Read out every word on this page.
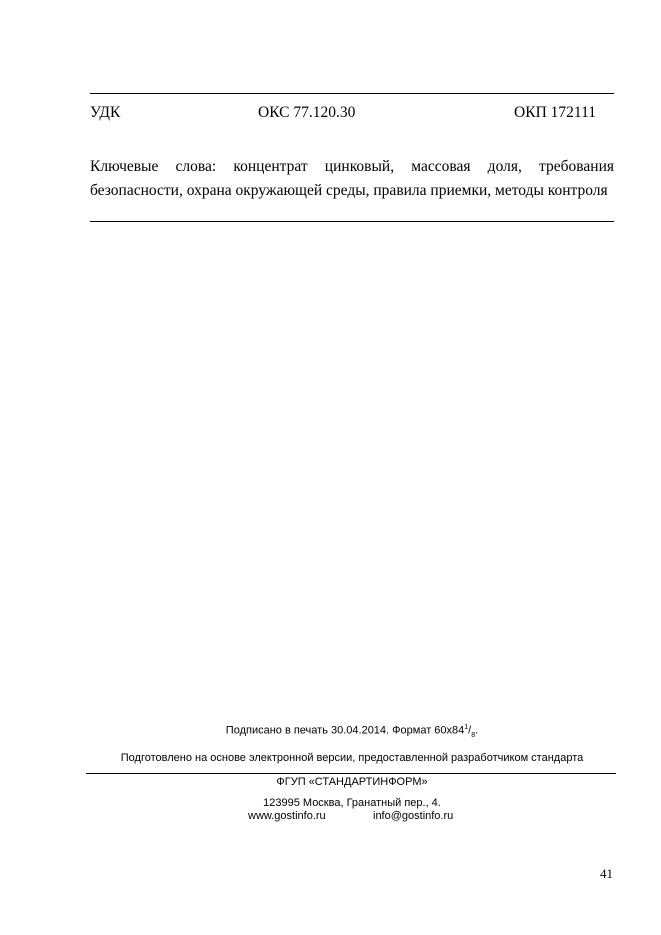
УДК	ОКС 77.120.30	ОКП 172111
Ключевые слова: концентрат цинковый, массовая доля, требования
безопасности, охрана окружающей среды, правила приемки, методы контроля
Подписано в печать 30.04.2014. Формат $60х84^1/_8$.
Подготовлено на основе электронной версии, предоставленной разработчиком стандарта
ФГУП «СТАНДАРТИНФОРМ»
123995 Москва, Гранатный пер., 4.
www.gostinfo.ru	info@gostinfo.ru
41
